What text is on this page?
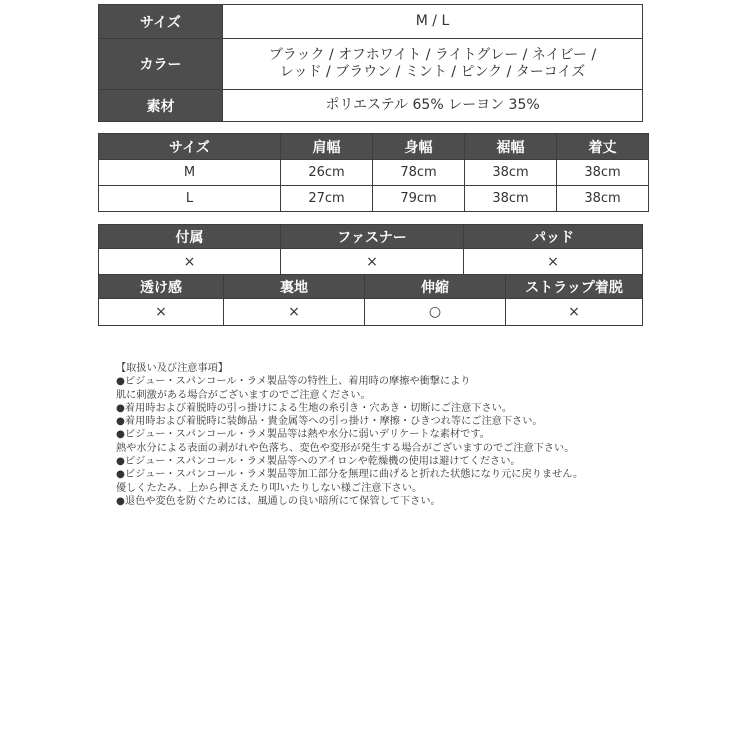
サイズ	M / L
カラー	ブラック / オフホワイト / ライトグレー / ネイビー /
レッド / ブラウン / ミント / ピンク / ターコイズ

素材	ポリエステル 65% レーヨン 35%
サイズ	肩幅	身幅	裾幅	着丈
M	26cm	78cm	38cm	38cm
L	27cm	79cm	38cm	38cm
付属	ファスナー	パッド
×	×	×
透け感	裏地	伸縮	ストラップ着脱
×	×	○	×
【取扱い及び注意事項】
●ビジュー・スパンコール・ラメ製品等の特性上、着用時の摩擦や衝撃により
肌に刺激がある場合がございますのでご注意ください。
●着用時および着脱時の引っ掛けによる生地の糸引き・穴あき・切断にご注意下さい。
●着用時および着脱時に装飾品・貴金属等への引っ掛け・摩擦・ひきつれ等にご注意下さい。
●ビジュー・スパンコール・ラメ製品等は熱や水分に弱いデリケートな素材です。
熱や水分による表面の剥がれや色落ち、変色や変形が発生する場合がございますのでご注意下さい。
●ビジュー・スパンコール・ラメ製品等へのアイロンや乾燥機の使用は避けてください。
●ビジュー・スパンコール・ラメ製品等加工部分を無理に曲げると折れた状態になり元に戻りません。
優しくたたみ、上から押さえたり叩いたりしない様ご注意下さい。
●退色や変色を防ぐためには、風通しの良い暗所にて保管して下さい。
